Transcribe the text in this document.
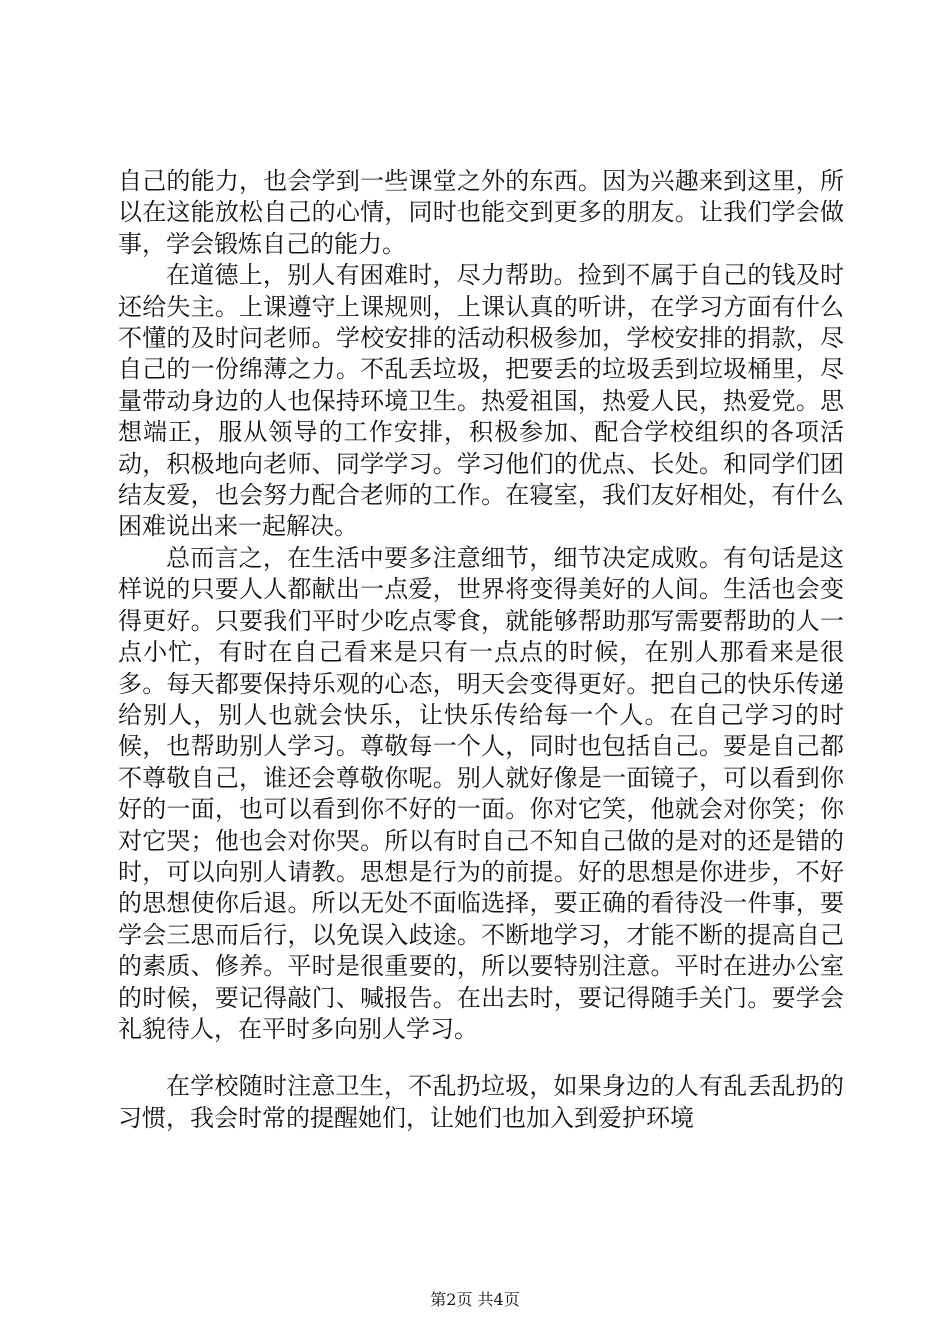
自己的能力，也会学到一些课堂之外的东西。因为兴趣来到这里，所以在这能放松自己的心情，同时也能交到更多的朋友。让我们学会做事，学会锻炼自己的能力。

在道德上，别人有困难时，尽力帮助。捡到不属于自己的钱及时还给失主。上课遵守上课规则，上课认真的听讲，在学习方面有什么不懂的及时问老师。学校安排的活动积极参加，学校安排的捐款，尽自己的一份绵薄之力。不乱丢垃圾，把要丢的垃圾丢到垃圾桶里，尽量带动身边的人也保持环境卫生。热爱祖国，热爱人民，热爱党。思想端正，服从领导的工作安排，积极参加、配合学校组织的各项活动，积极地向老师、同学学习。学习他们的优点、长处。和同学们团结友爱，也会努力配合老师的工作。在寝室，我们友好相处，有什么困难说出来一起解决。

总而言之，在生活中要多注意细节，细节决定成败。有句话是这样说的只要人人都献出一点爱，世界将变得美好的人间。生活也会变得更好。只要我们平时少吃点零食，就能够帮助那写需要帮助的人一点小忙，有时在自己看来是只有一点点的时候，在别人那看来是很多。每天都要保持乐观的心态，明天会变得更好。把自己的快乐传递给别人，别人也就会快乐，让快乐传给每一个人。在自己学习的时候，也帮助别人学习。尊敬每一个人，同时也包括自己。要是自己都不尊敬自己，谁还会尊敬你呢。别人就好像是一面镜子，可以看到你好的一面，也可以看到你不好的一面。你对它笑，他就会对你笑；你对它哭；他也会对你哭。所以有时自己不知自己做的是对的还是错的时，可以向别人请教。思想是行为的前提。好的思想是你进步，不好的思想使你后退。所以无处不面临选择，要正确的看待没一件事，要学会三思而后行，以免误入歧途。不断地学习，才能不断的提高自己的素质、修养。平时是很重要的，所以要特别注意。平时在进办公室的时候，要记得敲门、喊报告。在出去时，要记得随手关门。要学会礼貌待人，在平时多向别人学习。

在学校随时注意卫生，不乱扔垃圾，如果身边的人有乱丢乱扔的习惯，我会时常的提醒她们，让她们也加入到爱护环境

第2页 共4页
